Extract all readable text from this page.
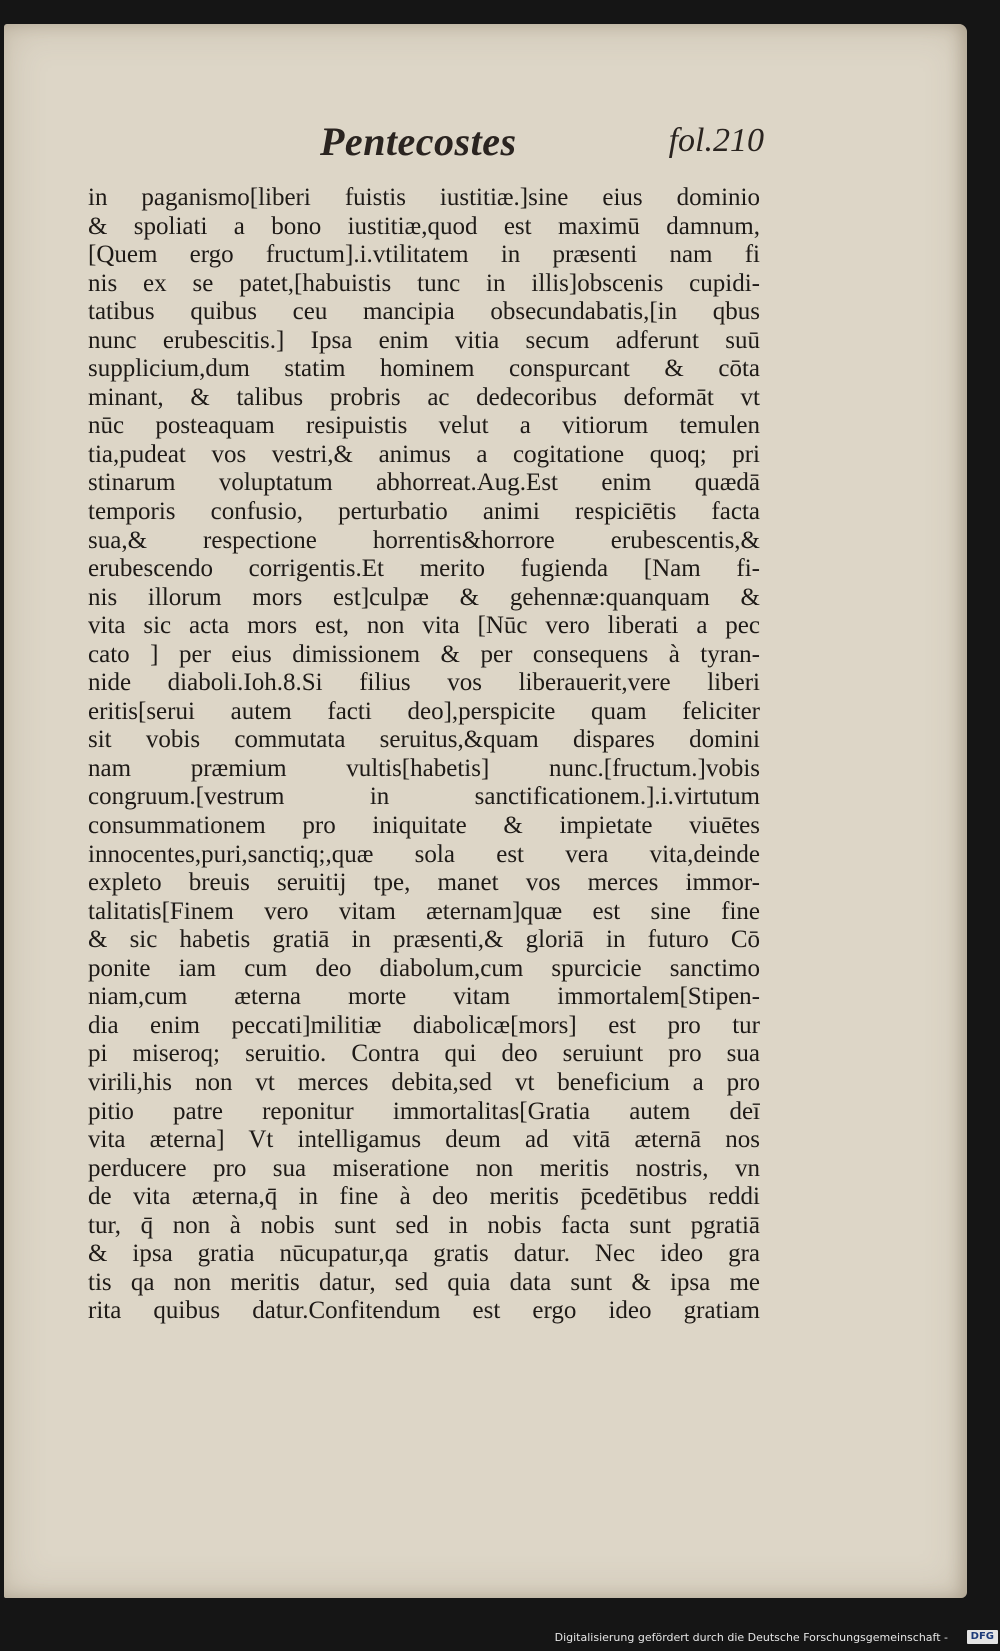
Pentecostes	fol.210
in paganismo[liberi fuistis iustitiæ.]sine eius dominio
& spoliati a bono iustitiæ,quod est maximū damnum,
[Quem ergo fructum].i.vtilitatem in præsenti nam fi
nis ex se patet,[habuistis tunc in illis]obscenis cupidi-
tatibus quibus ceu mancipia obsecundabatis,[in qbus
nunc erubescitis.] Ipsa enim vitia secum adferunt suū
supplicium,dum statim hominem conspurcant & cōta
minant, & talibus probris ac dedecoribus deformāt vt
nūc posteaquam resipuistis velut a vitiorum temulen
tia,pudeat vos vestri,& animus a cogitatione quoq; pri
stinarum voluptatum abhorreat.Aug.Est enim quædā
temporis confusio, perturbatio animi respiciētis facta
sua,& respectione horrentis&horrore erubescentis,&
erubescendo corrigentis.Et merito fugienda [Nam fi-
nis illorum mors est]culpæ & gehennæ:quanquam &
vita sic acta mors est, non vita [Nūc vero liberati a pec
cato ] per eius dimissionem & per consequens à tyran-
nide diaboli.Ioh.8.Si filius vos liberauerit,vere liberi
eritis[serui autem facti deo],perspicite quam feliciter
sit vobis commutata seruitus,&quam dispares domini
nam præmium vultis[habetis] nunc.[fructum.]vobis
congruum.[vestrum in sanctificationem.].i.virtutum
consummationem pro iniquitate & impietate viuētes
innocentes,puri,sanctiq;,quæ sola est vera vita,deinde
expleto breuis seruitij tpe, manet vos merces immor-
talitatis[Finem vero vitam æternam]quæ est sine fine
& sic habetis gratiā in præsenti,& gloriā in futuro Cō
ponite iam cum deo diabolum,cum spurcicie sanctimo
niam,cum æterna morte vitam immortalem[Stipen-
dia enim peccati]militiæ diabolicæ[mors] est pro tur
pi miseroq; seruitio. Contra qui deo seruiunt pro sua
virili,his non vt merces debita,sed vt beneficium a pro
pitio patre reponitur immortalitas[Gratia autem deī
vita æterna] Vt intelligamus deum ad vitā æternā nos
perducere pro sua miseratione non meritis nostris, vn
de vita æterna,q̄ in fine à deo meritis p̄cedētibus reddi
tur, q̄ non à nobis sunt sed in nobis facta sunt pgratiā
& ipsa gratia nūcupatur,qa gratis datur. Nec ideo gra
tis qa non meritis datur, sed quia data sunt & ipsa me
rita quibus datur.Confitendum est ergo ideo gratiam
Digitalisierung gefördert durch die Deutsche Forschungsgemeinschaft -	DFG
